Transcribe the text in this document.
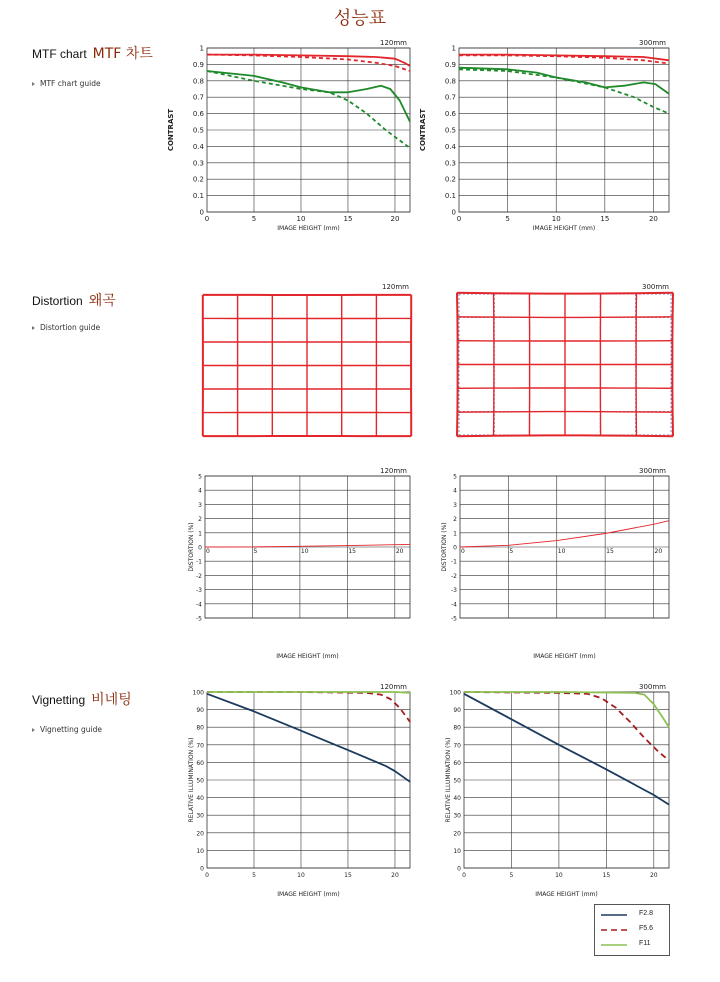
성능표
MTF chart MTF 차트
MTF chart guide
0
0.1
0.2
0.3
0.4
0.5
0.6
0.7
0.8
0.9
1
0	5	10	15	20
120mm
IMAGE HEIGHT (mm)
CONTRAST
0
0.1
0.2
0.3
0.4
0.5
0.6
0.7
0.8
0.9
1
0	5	10	15	20
300mm
IMAGE HEIGHT (mm)
CONTRAST
Distortion 왜곡
Distortion guide
120mm	300mm
5
4
3
2
1
0
-1
-2
-3
-4
-5
0	5	10	15	20
120mm
IMAGE HEIGHT (mm)
DISTORTION (%)
5
4
3
2
1
0
-1
-2
-3
-4
-5
0	5	10	15	20
300mm
IMAGE HEIGHT (mm)
DISTORTION (%)
Vignetting 비네팅
Vignetting guide
0
10
20
30
40
50
60
70
80
90
100
0	5	10	15	20
120mm
IMAGE HEIGHT (mm)
RELATIVE ILLUMINATION (%)
0
10
20
30
40
50
60
70
80
90
100
0	5	10	15	20
300mm
IMAGE HEIGHT (mm)
RELATIVE ILLUMINATION (%)
F2.8
F5.6
F11
